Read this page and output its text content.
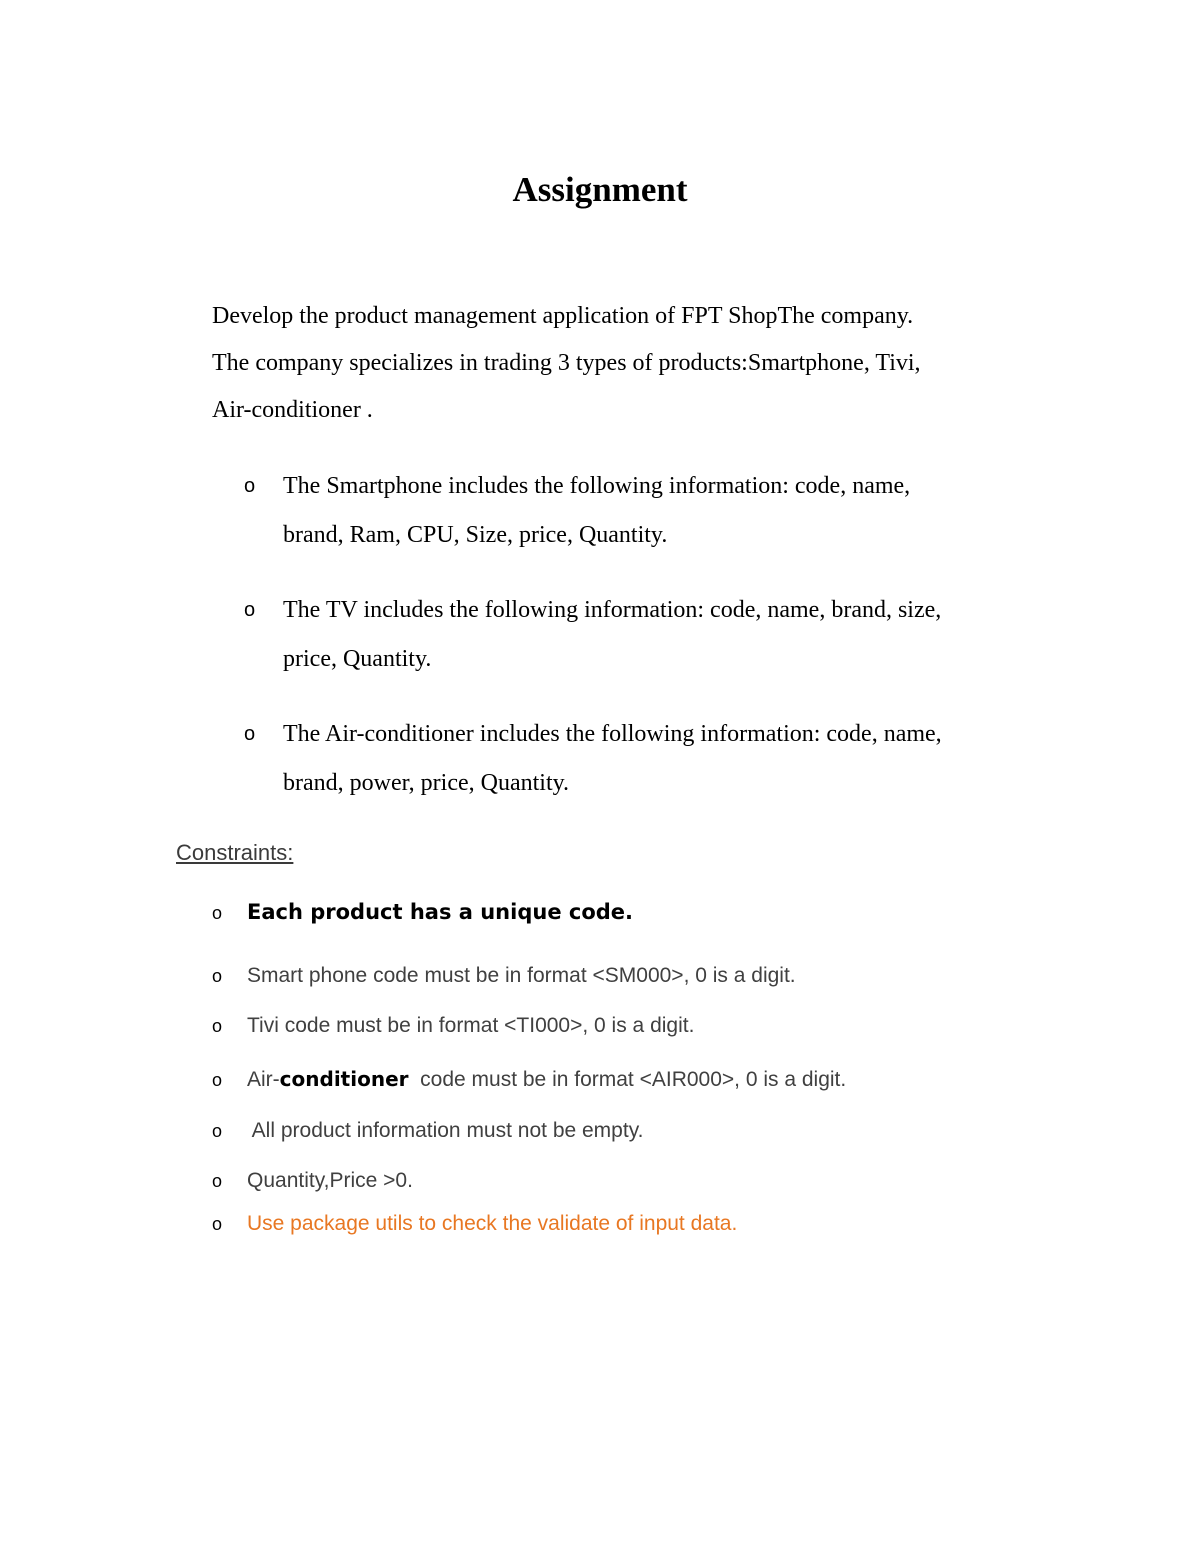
Assignment
Develop the product management application of FPT ShopThe company.
The company specializes in trading 3 types of products:Smartphone, Tivi,
Air-conditioner .
o The Smartphone includes the following information: code, name,
brand, Ram, CPU, Size, price, Quantity.
o The TV includes the following information: code, name, brand, size,
price, Quantity.
o The Air-conditioner includes the following information: code, name,
brand, power, price, Quantity.

Constraints:

o Each product has a unique code.
o Smart phone code must be in format <SM000>, 0 is a digit.
o Tivi code must be in format <TI000>, 0 is a digit.
o Air-conditioner  code must be in format <AIR000>, 0 is a digit.
o All product information must not be empty.
o Quantity,Price >0.
o Use package utils to check the validate of input data.
